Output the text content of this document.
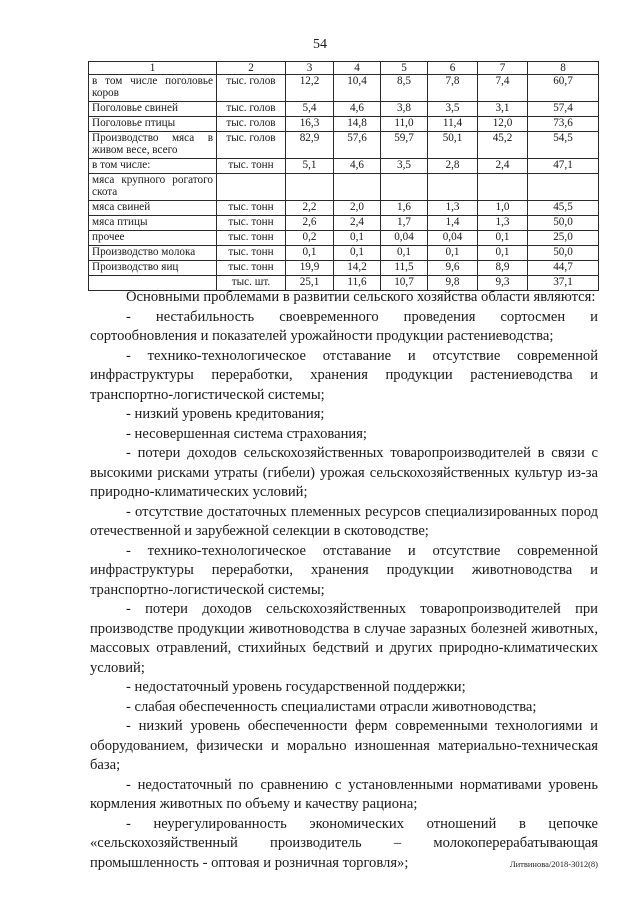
54
1	2	3	4	5	6	7	8
в том числе поголовье коров	тыс. голов	12,2	10,4	8,5	7,8	7,4	60,7
Поголовье свиней	тыс. голов	5,4	4,6	3,8	3,5	3,1	57,4
Поголовье птицы	тыс. голов	16,3	14,8	11,0	11,4	12,0	73,6
Производство мяса в живом весе, всего	тыс. голов	82,9	57,6	59,7	50,1	45,2	54,5
в том числе:	тыс. тонн	5,1	4,6	3,5	2,8	2,4	47,1
мяса крупного рогатого скота							
мяса свиней	тыс. тонн	2,2	2,0	1,6	1,3	1,0	45,5
мяса птицы	тыс. тонн	2,6	2,4	1,7	1,4	1,3	50,0
прочее	тыс. тонн	0,2	0,1	0,04	0,04	0,1	25,0
Производство молока	тыс. тонн	0,1	0,1	0,1	0,1	0,1	50,0
Производство яиц	тыс. тонн	19,9	14,2	11,5	9,6	8,9	44,7
	тыс. шт.	25,1	11,6	10,7	9,8	9,3	37,1

Основными проблемами в развитии сельского хозяйства области являются:

- нестабильность своевременного проведения сортосмен и сортообновления и показателей урожайности продукции растениеводства;

- технико-технологическое отставание и отсутствие современной инфраструктуры переработки, хранения продукции растениеводства и транспортно-логистической системы;

- низкий уровень кредитования;

- несовершенная система страхования;

- потери доходов сельскохозяйственных товаропроизводителей в связи с высокими рисками утраты (гибели) урожая сельскохозяйственных культур из-за природно-климатических условий;

- отсутствие достаточных племенных ресурсов специализированных пород отечественной и зарубежной селекции в скотоводстве;

- технико-технологическое отставание и отсутствие современной инфраструктуры переработки, хранения продукции животноводства и транспортно-логистической системы;

- потери доходов сельскохозяйственных товаропроизводителей при производстве продукции животноводства в случае заразных болезней животных, массовых отравлений, стихийных бедствий и других природно-климатических условий;

- недостаточный уровень государственной поддержки;

- слабая обеспеченность специалистами отрасли животноводства;

- низкий уровень обеспеченности ферм современными технологиями и оборудованием, физически и морально изношенная материально-техническая база;

- недостаточный по сравнению с установленными нормативами уровень кормления животных по объему и качеству рациона;

- неурегулированность экономических отношений в цепочке «сельскохозяйственный производитель – молокоперерабатывающая промышленность - оптовая и розничная торговля»;	Литвинова/2018-3012(8)
